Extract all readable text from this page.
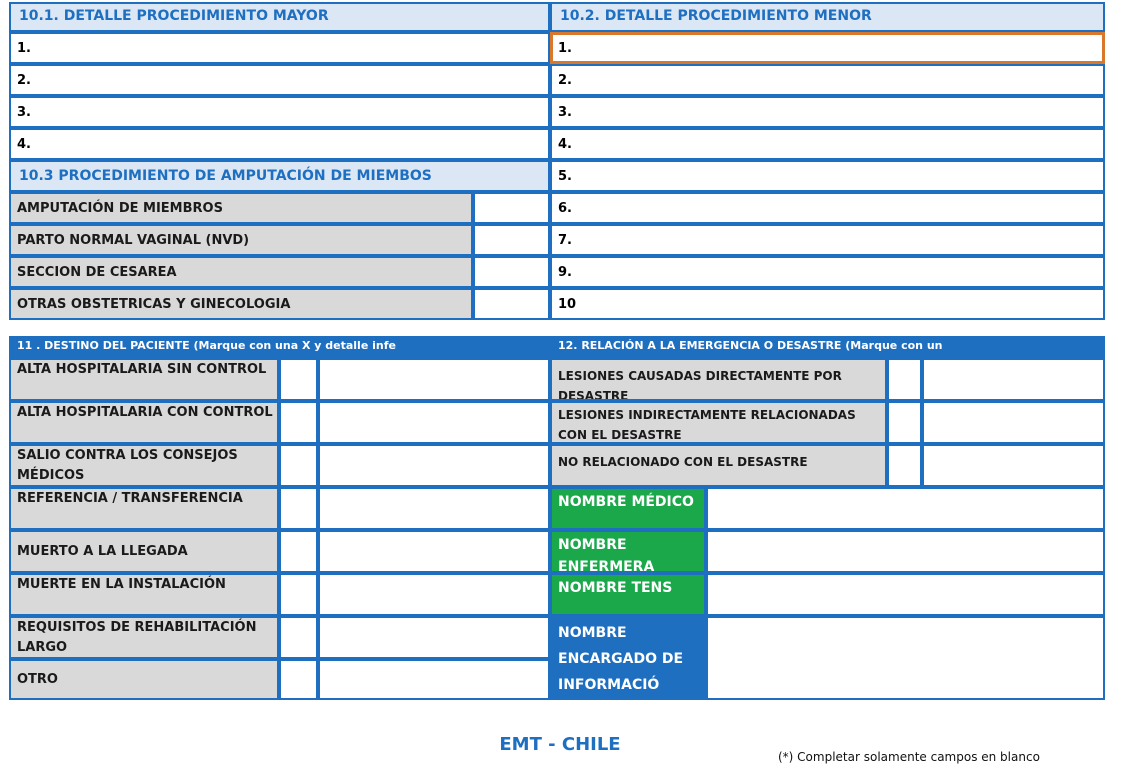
10.1. DETALLE PROCEDIMIENTO MAYOR
1.
2.
3.
4.
10.3 PROCEDIMIENTO DE AMPUTACIÓN DE MIEMBOS
AMPUTACIÓN DE MIEMBROS
PARTO NORMAL VAGINAL (NVD)
SECCION DE CESAREA
OTRAS OBSTETRICAS Y GINECOLOGIA
10.2. DETALLE PROCEDIMIENTO MENOR
1.
2.
3.
4.
5.
6.
7.
9.
10
11 . DESTINO DEL PACIENTE (Marque con una X y detalle infe	12. RELACIÓN A LA EMERGENCIA O DESASTRE (Marque con un
ALTA HOSPITALARIA SIN CONTROL
ALTA HOSPITALARIA CON CONTROL
SALIO CONTRA LOS CONSEJOS MÉDICOS
REFERENCIA / TRANSFERENCIA
MUERTO A LA LLEGADA
MUERTE EN LA INSTALACIÓN
REQUISITOS DE REHABILITACIÓN LARGO
OTRO
LESIONES CAUSADAS DIRECTAMENTE POR DESASTRE
LESIONES INDIRECTAMENTE RELACIONADAS CON EL DESASTRE
NO RELACIONADO CON EL DESASTRE
NOMBRE MÉDICO
NOMBRE ENFERMERA
NOMBRE TENS
NOMBRE ENCARGADO DE INFORMACIÓ
EMT - CHILE
(*) Completar solamente campos en blanco
